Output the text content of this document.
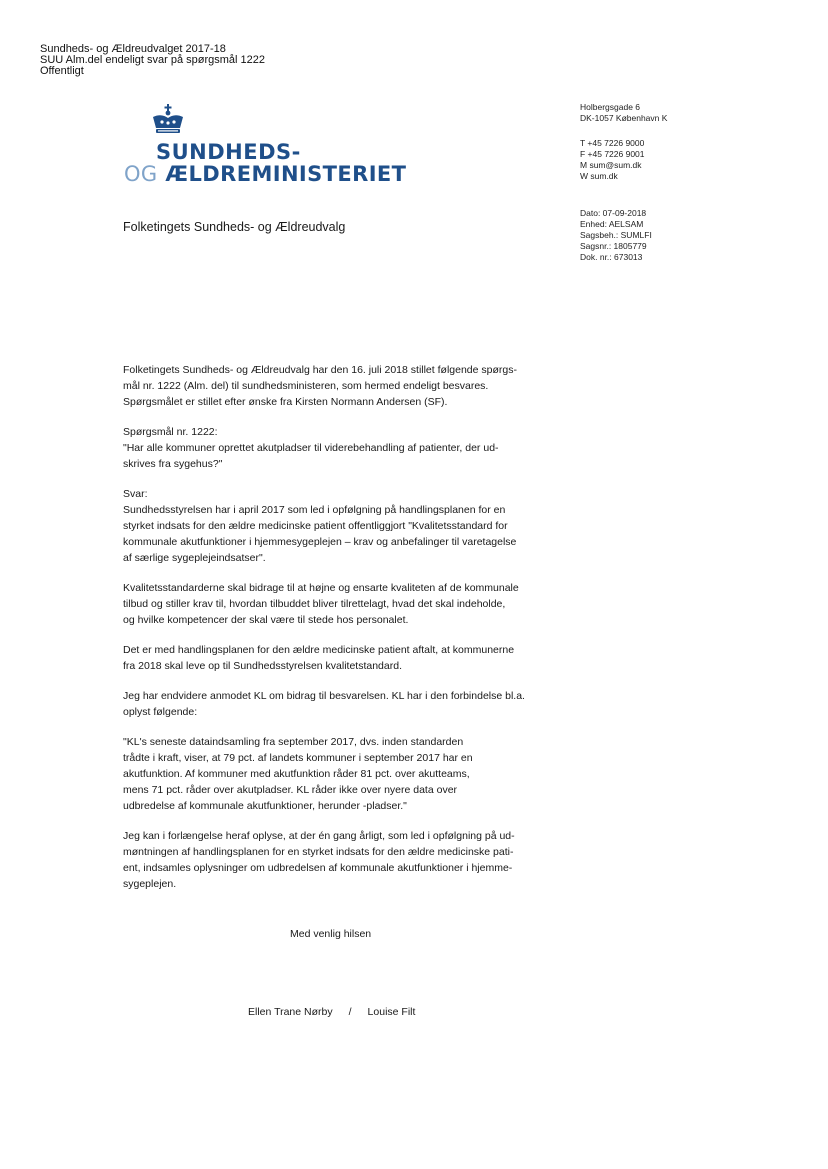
Sundheds- og Ældreudvalget 2017-18
SUU Alm.del endeligt svar på spørgsmål 1222
Offentligt
SUNDHEDS-
OG ÆLDREMINISTERIET
Holbergsgade 6
DK-1057 København K
T +45 7226 9000
F +45 7226 9001
M sum@sum.dk
W sum.dk
Dato: 07-09-2018
Enhed: AELSAM
Sagsbeh.: SUMLFI
Sagsnr.: 1805779
Dok. nr.: 673013
Folketingets Sundheds- og Ældreudvalg

Folketingets Sundheds- og Ældreudvalg har den 16. juli 2018 stillet følgende spørgs-
mål nr. 1222 (Alm. del) til sundhedsministeren, som hermed endeligt besvares.
Spørgsmålet er stillet efter ønske fra Kirsten Normann Andersen (SF).

Spørgsmål nr. 1222:
"Har alle kommuner oprettet akutpladser til viderebehandling af patienter, der ud-
skrives fra sygehus?"

Svar:
Sundhedsstyrelsen har i april 2017 som led i opfølgning på handlingsplanen for en
styrket indsats for den ældre medicinske patient offentliggjort "Kvalitetsstandard for
kommunale akutfunktioner i hjemmesygeplejen – krav og anbefalinger til varetagelse
af særlige sygeplejeindsatser".

Kvalitetsstandarderne skal bidrage til at højne og ensarte kvaliteten af de kommunale
tilbud og stiller krav til, hvordan tilbuddet bliver tilrettelagt, hvad det skal indeholde,
og hvilke kompetencer der skal være til stede hos personalet.

Det er med handlingsplanen for den ældre medicinske patient aftalt, at kommunerne
fra 2018 skal leve op til Sundhedsstyrelsen kvalitetstandard.

Jeg har endvidere anmodet KL om bidrag til besvarelsen. KL har i den forbindelse bl.a.
oplyst følgende:

"KL's seneste dataindsamling fra september 2017, dvs. inden standarden
trådte i kraft, viser, at 79 pct. af landets kommuner i september 2017 har en
akutfunktion. Af kommuner med akutfunktion råder 81 pct. over akutteams,
mens 71 pct. råder over akutpladser. KL råder ikke over nyere data over
udbredelse af kommunale akutfunktioner, herunder -pladser."

Jeg kan i forlængelse heraf oplyse, at der én gang årligt, som led i opfølgning på ud-
møntningen af handlingsplanen for en styrket indsats for den ældre medicinske pati-
ent, indsamles oplysninger om udbredelsen af kommunale akutfunktioner i hjemme-
sygeplejen.

Med venlig hilsen
Ellen Trane Nørby / Louise Filt
